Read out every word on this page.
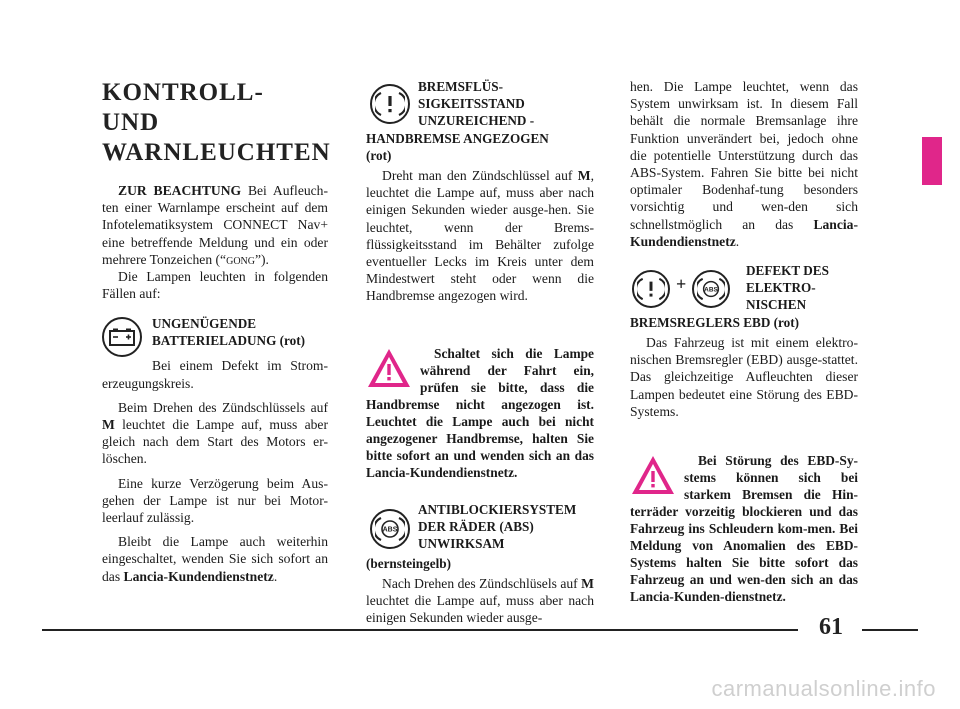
KONTROLL- UND
WARNLEUCHTEN

ZUR BEACHTUNG Bei Aufleuch-ten einer Warnlampe erscheint auf dem Infotelematiksystem CONNECT Nav+ eine betreffende Meldung und ein oder mehrere Tonzeichen (“gong”).

Die Lampen leuchten in folgenden Fällen auf:

UNGENÜGENDE
BATTERIELADUNG (rot)

Bei einem Defekt im Strom-erzeugungskreis.

Beim Drehen des Zündschlüssels auf M leuchtet die Lampe auf, muss aber gleich nach dem Start des Motors er-löschen.

Eine kurze Verzögerung beim Aus-gehen der Lampe ist nur bei Motor-leerlauf zulässig.

Bleibt die Lampe auch weiterhin eingeschaltet, wenden Sie sich sofort an das Lancia-Kundendienstnetz.

BREMSFLÜS-
SIGKEITSSTAND
UNZUREICHEND -
HANDBREMSE ANGEZOGEN
(rot)

Dreht man den Zündschlüssel auf M, leuchtet die Lampe auf, muss aber nach einigen Sekunden wieder ausge-hen. Sie leuchtet, wenn der Brems-flüssigkeitsstand im Behälter zufolge eventueller Lecks im Kreis unter dem Mindestwert steht oder wenn die Handbremse angezogen wird.

Schaltet sich die Lampe während der Fahrt ein, prüfen sie bitte, dass die Handbremse nicht angezogen ist. Leuchtet die Lampe auch bei nicht angezogener Handbremse, halten Sie bitte sofort an und wenden sich an das Lancia-Kundendienstnetz.

ABS
ANTIBLOCKIERSYSTEM
DER RÄDER (ABS)
UNWIRKSAM
(bernsteingelb)

Nach Drehen des Zündschlüsels auf M leuchtet die Lampe auf, muss aber nach einigen Sekunden wieder ausge-

hen. Die Lampe leuchtet, wenn das System unwirksam ist. In diesem Fall behält die normale Bremsanlage ihre Funktion unverändert bei, jedoch ohne die potentielle Unterstützung durch das ABS-System. Fahren Sie bitte bei nicht optimaler Bodenhaf-tung besonders vorsichtig und wen-den sich schnellstmöglich an das Lancia-Kundendienstnetz.

+	ABS
DEFEKT DES
ELEKTRO-
NISCHEN
BREMSREGLERS EBD (rot)

Das Fahrzeug ist mit einem elektro-nischen Bremsregler (EBD) ausge-stattet. Das gleichzeitige Aufleuchten dieser Lampen bedeutet eine Störung des EBD-Systems.

Bei Störung des EBD-Sy-stems können sich bei starkem Bremsen die Hin-terräder vorzeitig blockieren und das Fahrzeug ins Schleudern kom-men. Bei Meldung von Anomalien des EBD-Systems halten Sie bitte sofort das Fahrzeug an und wen-den sich an das Lancia-Kunden-dienstnetz.

61
carmanualsonline.info
